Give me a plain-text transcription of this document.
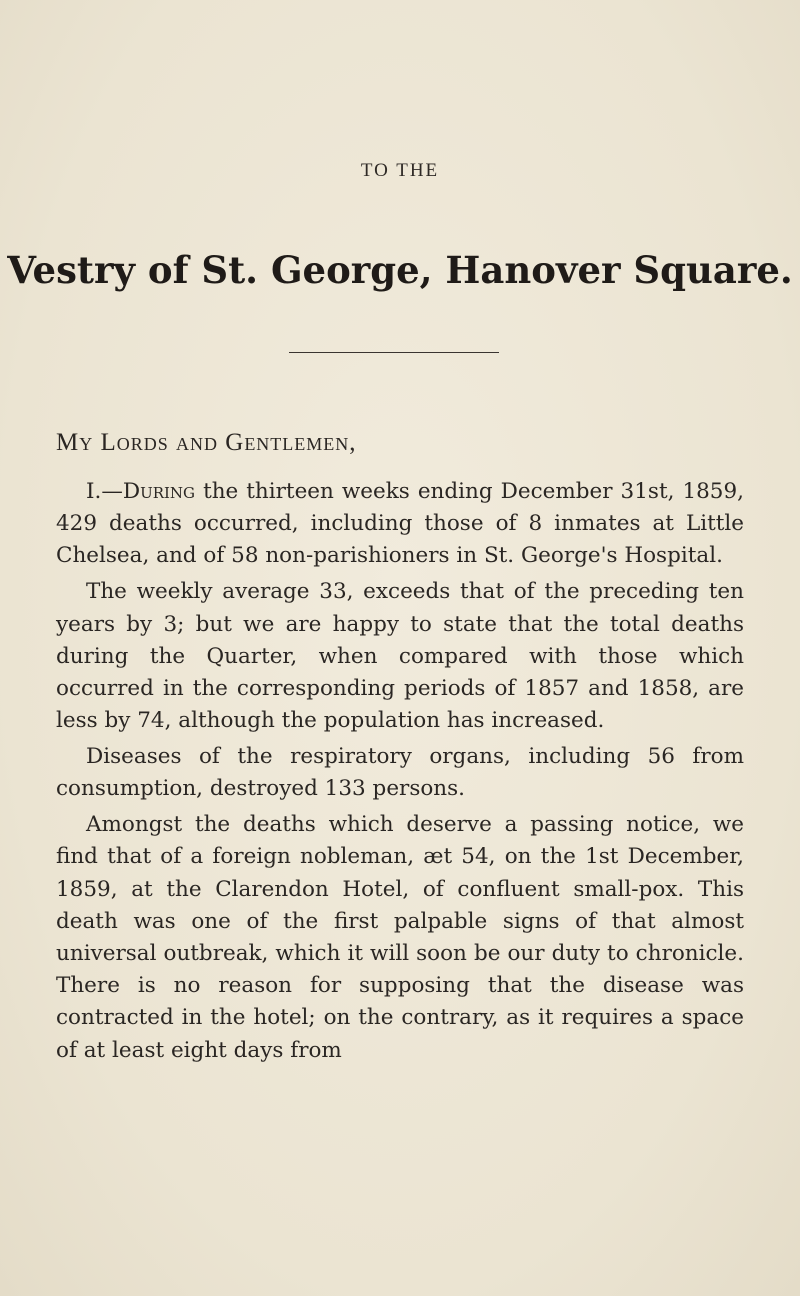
TO THE
Vestry of St. George, Hanover Square.
My Lords and Gentlemen,

I.—During the thirteen weeks ending December 31st, 1859, 429 deaths occurred, including those of 8 inmates at Little Chelsea, and of 58 non-parishioners in St. George's Hospital.

The weekly average 33, exceeds that of the preceding ten years by 3; but we are happy to state that the total deaths during the Quarter, when compared with those which occurred in the corresponding periods of 1857 and 1858, are less by 74, although the population has increased.

Diseases of the respiratory organs, including 56 from consumption, destroyed 133 persons.

Amongst the deaths which deserve a passing notice, we find that of a foreign nobleman, æt 54, on the 1st December, 1859, at the Clarendon Hotel, of confluent small-pox. This death was one of the first palpable signs of that almost universal outbreak, which it will soon be our duty to chronicle. There is no reason for supposing that the disease was contracted in the hotel; on the contrary, as it requires a space of at least eight days from
